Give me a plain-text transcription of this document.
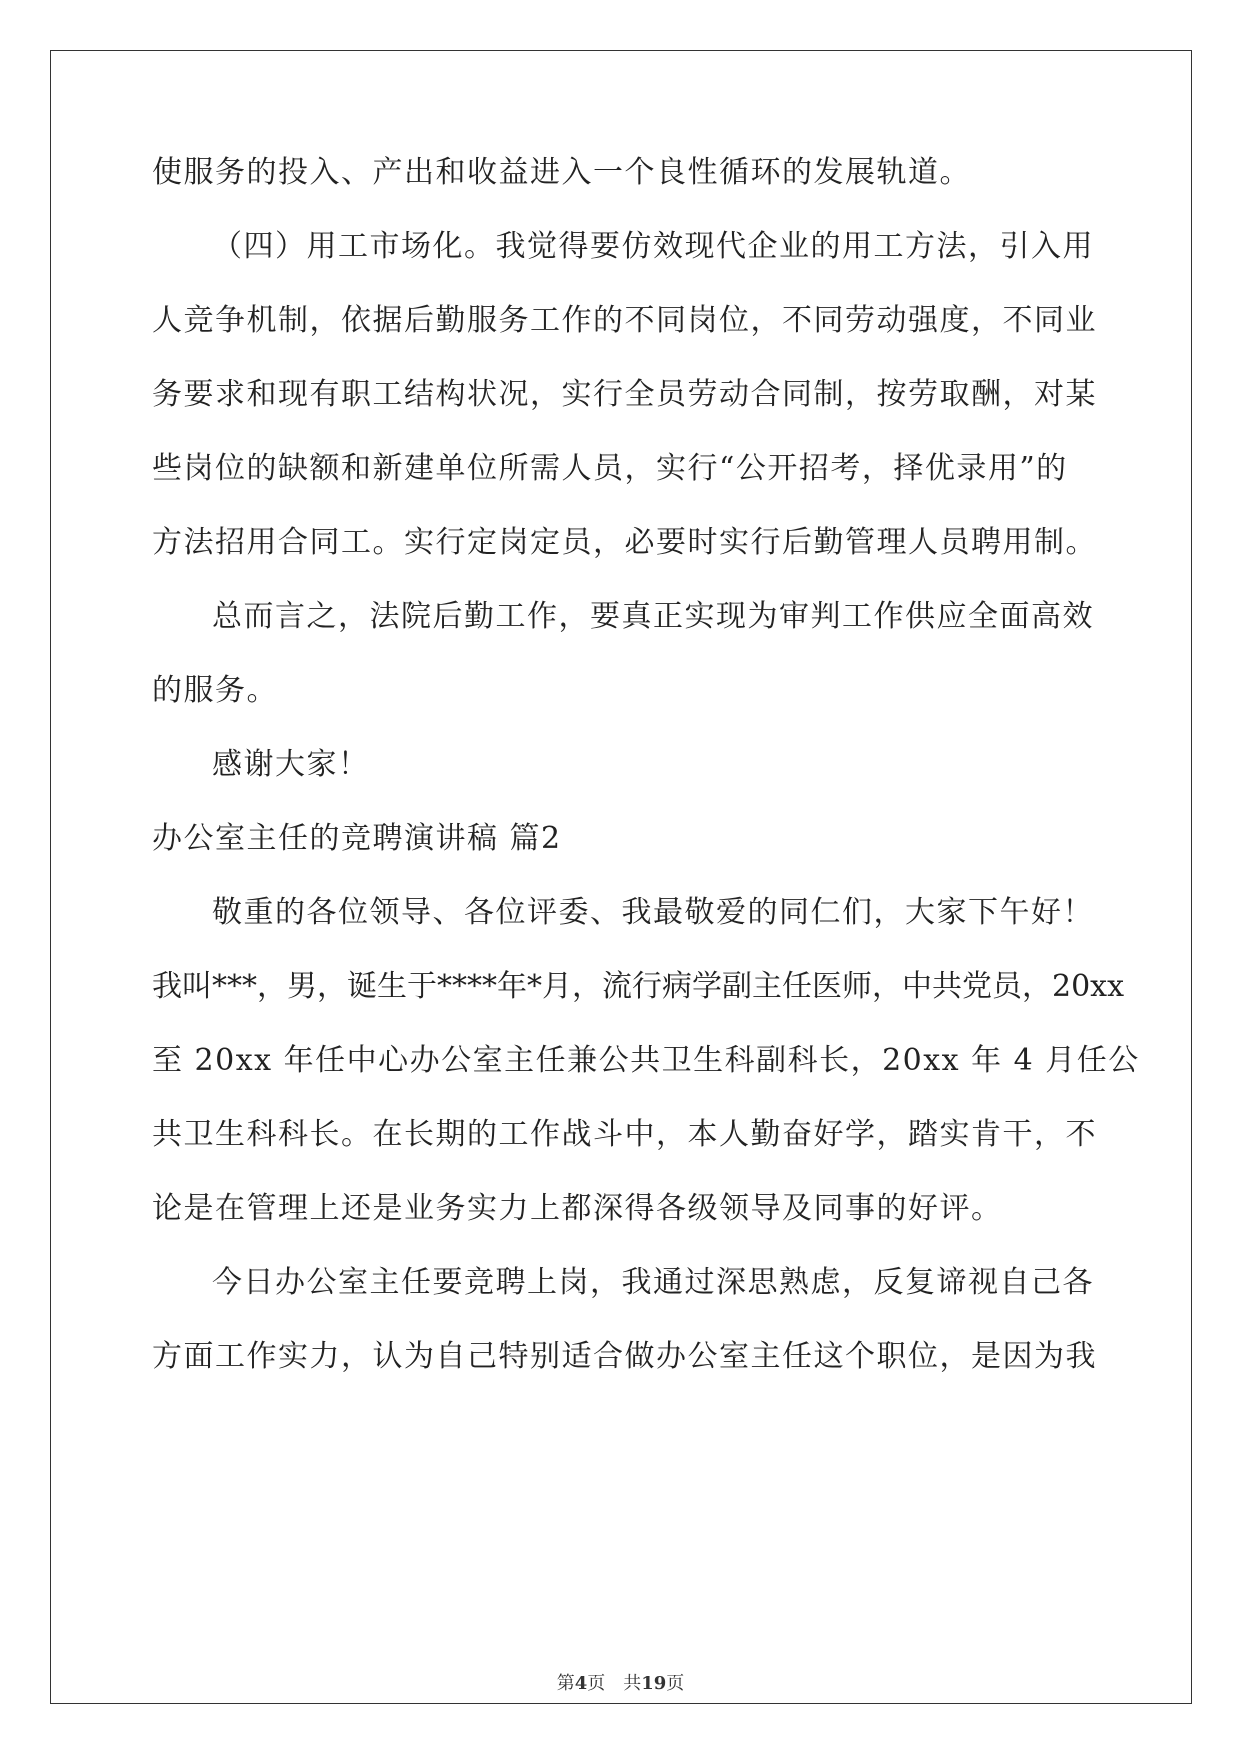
使服务的投入、产出和收益进入一个良性循环的发展轨道。
（四）用工市场化。我觉得要仿效现代企业的用工方法，引入用
人竞争机制，依据后勤服务工作的不同岗位，不同劳动强度，不同业
务要求和现有职工结构状况，实行全员劳动合同制，按劳取酬，对某
些岗位的缺额和新建单位所需人员，实行“公开招考，择优录用”的
方法招用合同工。实行定岗定员，必要时实行后勤管理人员聘用制。
总而言之，法院后勤工作，要真正实现为审判工作供应全面高效
的服务。
感谢大家！
办公室主任的竞聘演讲稿 篇2
敬重的各位领导、各位评委、我最敬爱的同仁们，大家下午好！
我叫***，男，诞生于****年*月，流行病学副主任医师，中共党员，20xx
至 20xx 年任中心办公室主任兼公共卫生科副科长，20xx 年 4 月任公
共卫生科科长。在长期的工作战斗中，本人勤奋好学，踏实肯干，不
论是在管理上还是业务实力上都深得各级领导及同事的好评。
今日办公室主任要竞聘上岗，我通过深思熟虑，反复谛视自己各
方面工作实力，认为自己特别适合做办公室主任这个职位，是因为我
第4页　共19页
